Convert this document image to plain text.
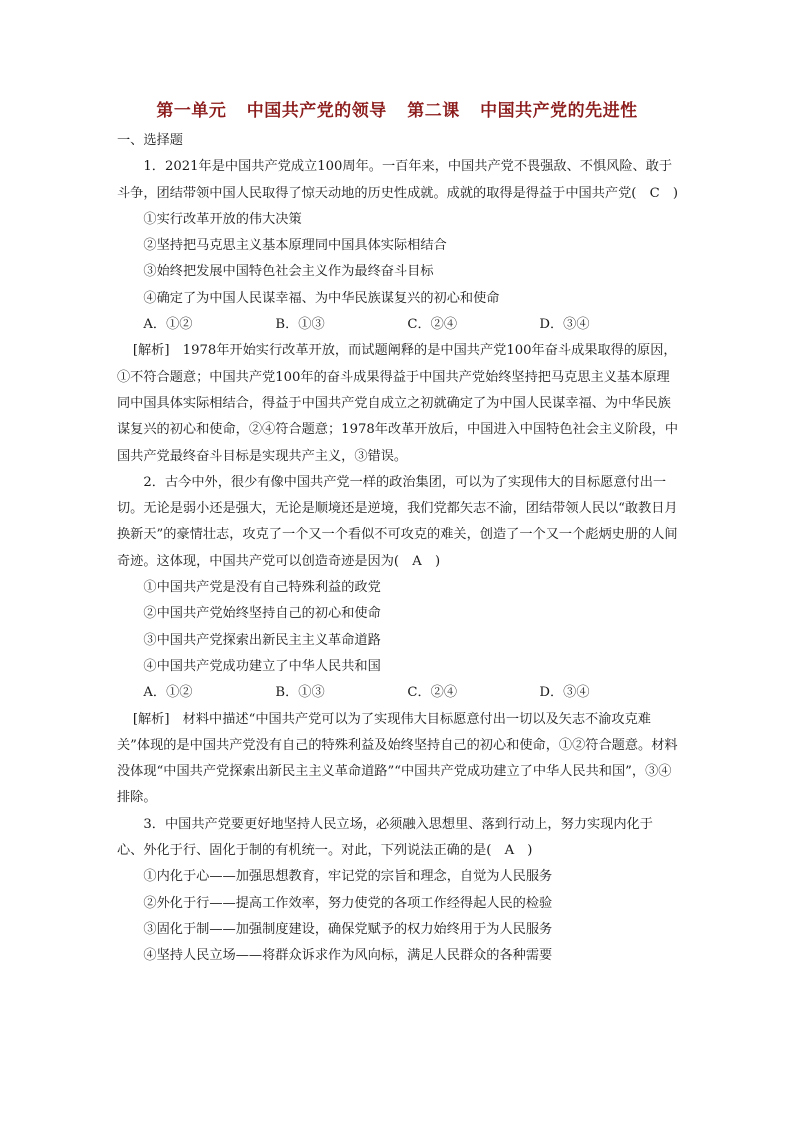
第一单元 中国共产党的领导 第二课 中国共产党的先进性

一、选择题

1．2021年是中国共产党成立100周年。一百年来，中国共产党不畏强敌、不惧风险、敢于斗争，团结带领中国人民取得了惊天动地的历史性成就。成就的取得是得益于中国共产党(　C　)

①实行改革开放的伟大决策

②坚持把马克思主义基本原理同中国具体实际相结合

③始终把发展中国特色社会主义作为最终奋斗目标

④确定了为中国人民谋幸福、为中华民族谋复兴的初心和使命

A．①②	B．①③	C．②④	D．③④

[解析]　1978年开始实行改革开放，而试题阐释的是中国共产党100年奋斗成果取得的原因，①不符合题意；中国共产党100年的奋斗成果得益于中国共产党始终坚持把马克思主义基本原理同中国具体实际相结合，得益于中国共产党自成立之初就确定了为中国人民谋幸福、为中华民族谋复兴的初心和使命，②④符合题意；1978年改革开放后，中国进入中国特色社会主义阶段，中国共产党最终奋斗目标是实现共产主义，③错误。

2．古今中外，很少有像中国共产党一样的政治集团，可以为了实现伟大的目标愿意付出一切。无论是弱小还是强大，无论是顺境还是逆境，我们党都矢志不渝，团结带领人民以“敢教日月换新天”的豪情壮志，攻克了一个又一个看似不可攻克的难关，创造了一个又一个彪炳史册的人间奇迹。这体现，中国共产党可以创造奇迹是因为(　A　)

①中国共产党是没有自己特殊利益的政党

②中国共产党始终坚持自己的初心和使命

③中国共产党探索出新民主主义革命道路

④中国共产党成功建立了中华人民共和国

A．①②	B．①③	C．②④	D．③④

[解析]　材料中描述“中国共产党可以为了实现伟大目标愿意付出一切以及矢志不渝攻克难关”体现的是中国共产党没有自己的特殊利益及始终坚持自己的初心和使命，①②符合题意。材料没体现“中国共产党探索出新民主主义革命道路”“中国共产党成功建立了中华人民共和国”，③④排除。

3．中国共产党要更好地坚持人民立场，必须融入思想里、落到行动上，努力实现内化于心、外化于行、固化于制的有机统一。对此，下列说法正确的是(　A　)

①内化于心——加强思想教育，牢记党的宗旨和理念，自觉为人民服务

②外化于行——提高工作效率，努力使党的各项工作经得起人民的检验

③固化于制——加强制度建设，确保党赋予的权力始终用于为人民服务

④坚持人民立场——将群众诉求作为风向标，满足人民群众的各种需要
